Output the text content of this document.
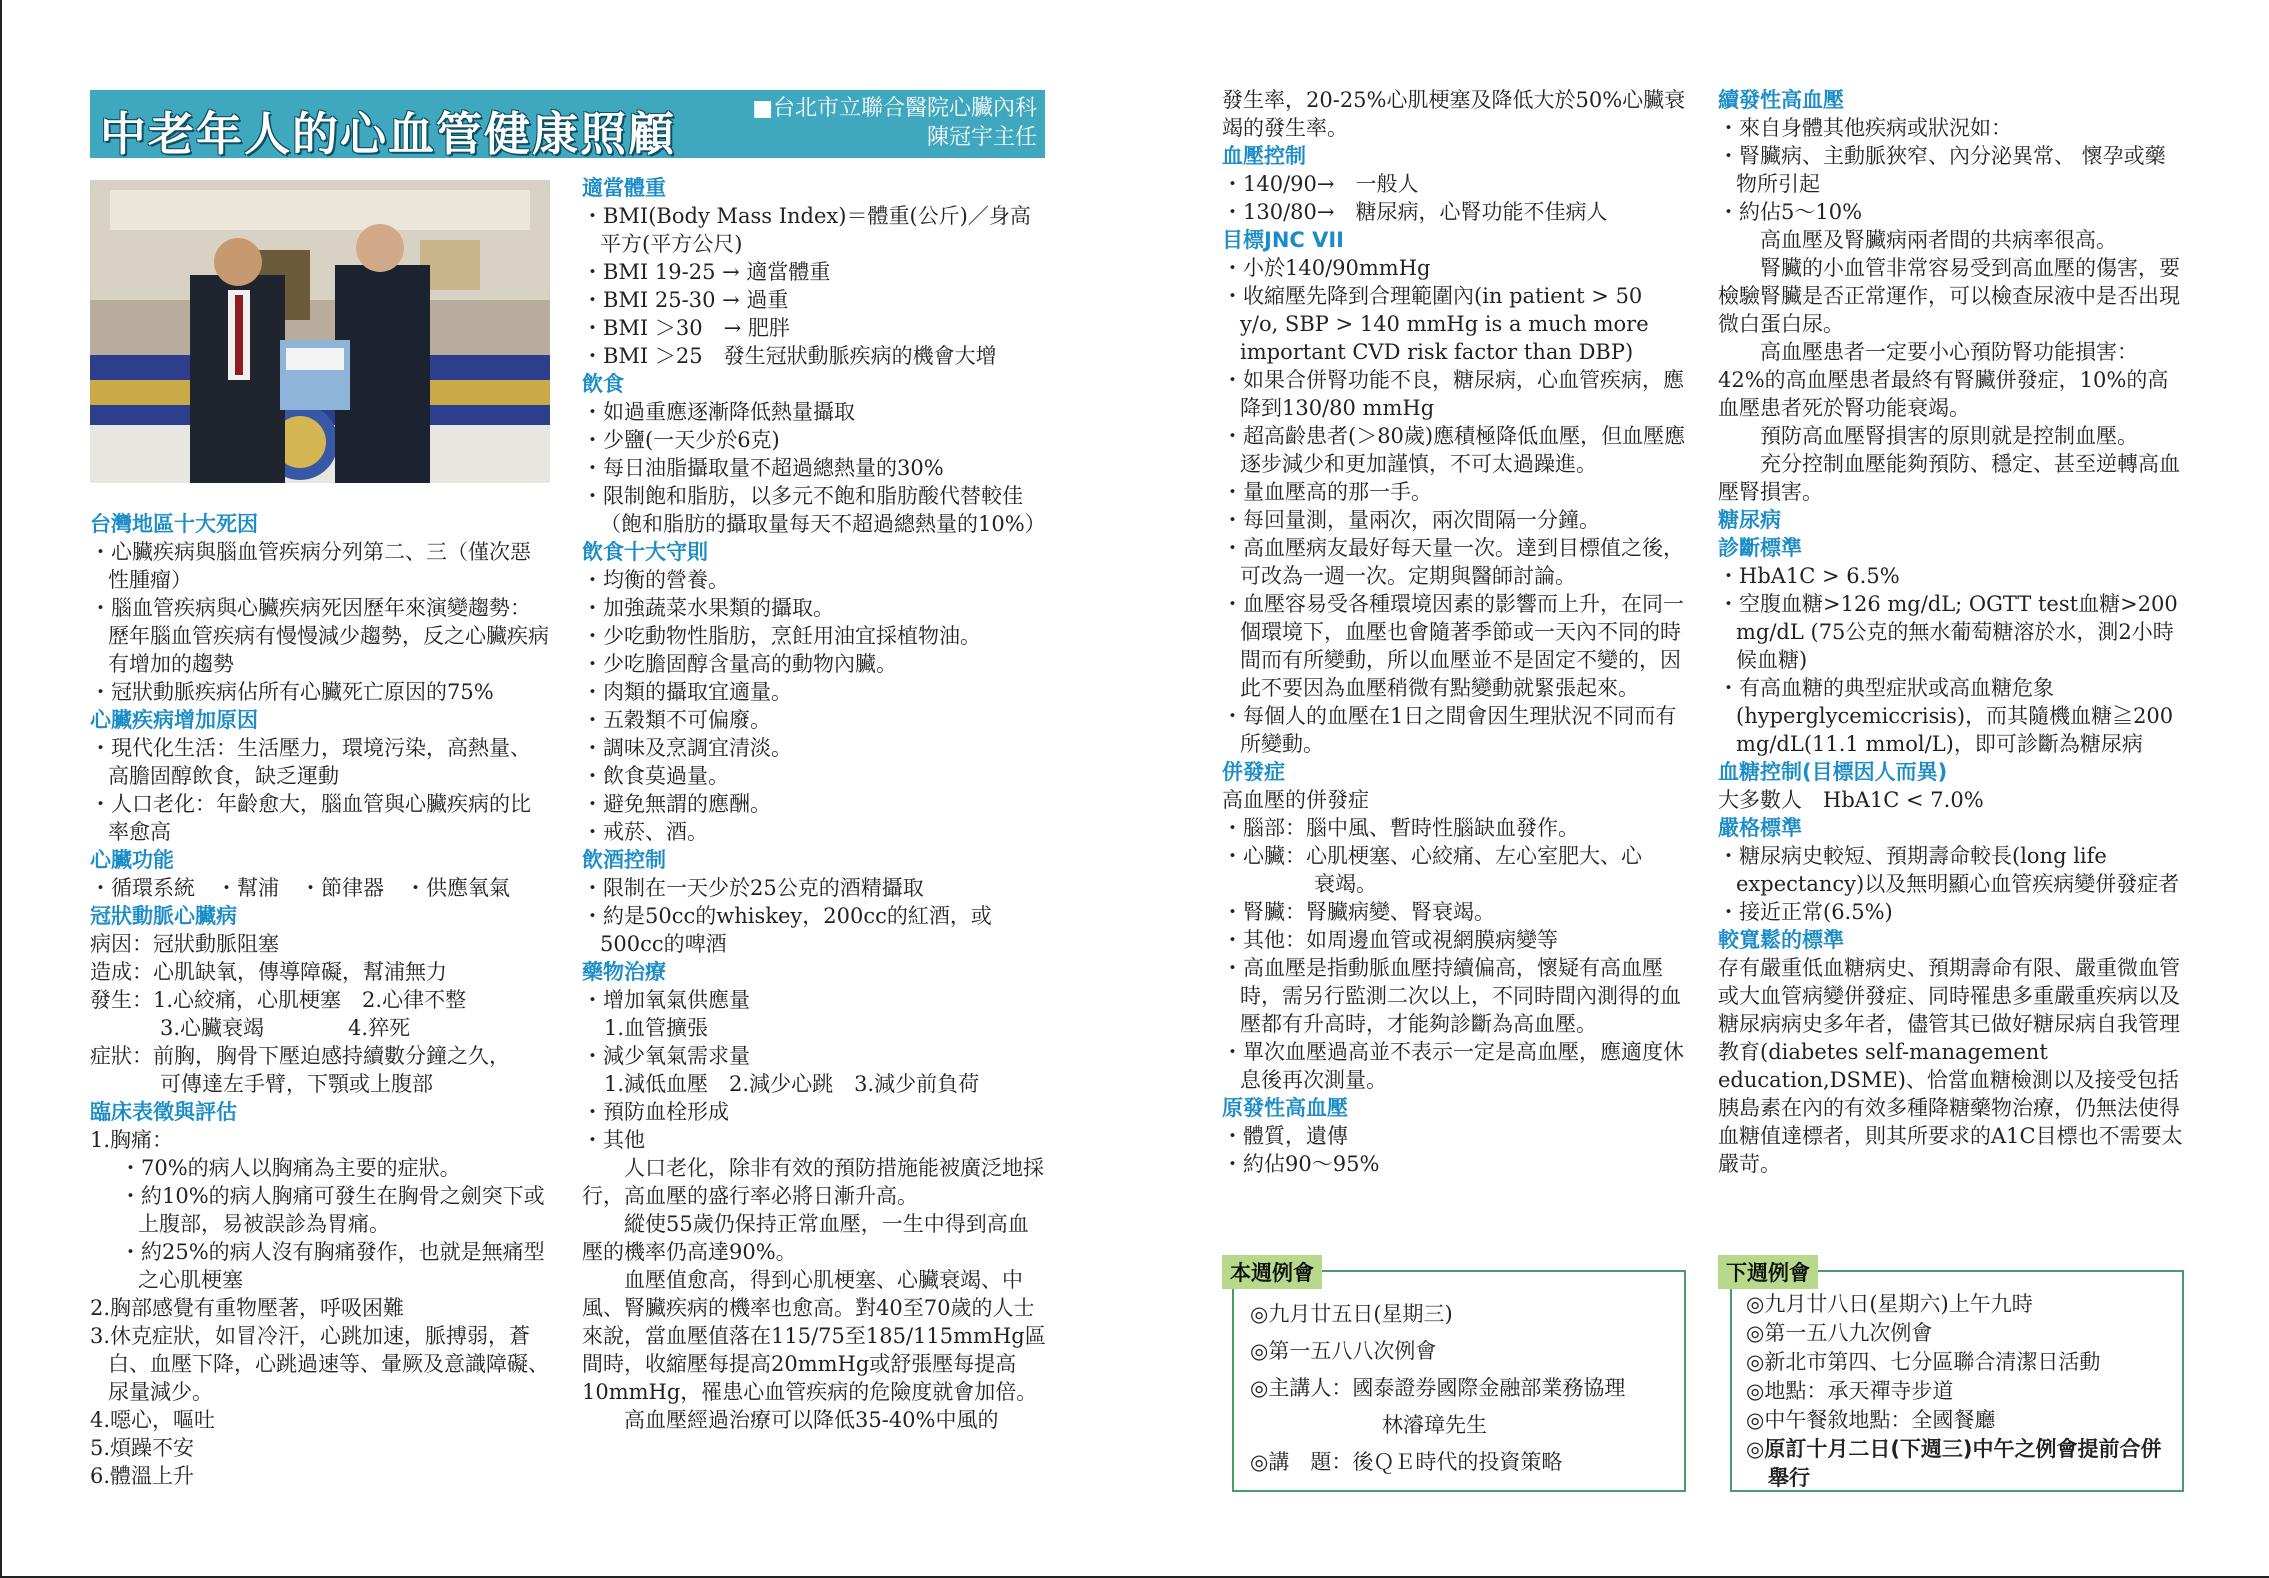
中老年人的心血管健康照顧	■台北市立聯合醫院心臟內科

陳冠宇主任

台灣地區十大死因

・心臟疾病與腦血管疾病分列第二、三（僅次惡性腫瘤）

・腦血管疾病與心臟疾病死因歷年來演變趨勢：歷年腦血管疾病有慢慢減少趨勢，反之心臟疾病有增加的趨勢

・冠狀動脈疾病佔所有心臟死亡原因的75%

心臟疾病增加原因

・現代化生活：生活壓力，環境污染，高熱量、高膽固醇飲食，缺乏運動

・人口老化：年齡愈大，腦血管與心臟疾病的比率愈高

心臟功能

・循環系統　・幫浦　・節律器　・供應氧氣

冠狀動脈心臟病

病因：冠狀動脈阻塞

造成：心肌缺氧，傳導障礙，幫浦無力

發生：1.心絞痛，心肌梗塞　2.心律不整

3.心臟衰竭　　　　4.猝死

症狀：前胸，胸骨下壓迫感持續數分鐘之久，

可傳達左手臂，下顎或上腹部

臨床表徵與評估

1.胸痛：

・70%的病人以胸痛為主要的症狀。

・約10%的病人胸痛可發生在胸骨之劍突下或上腹部，易被誤診為胃痛。

・約25%的病人沒有胸痛發作，也就是無痛型之心肌梗塞

2.胸部感覺有重物壓著，呼吸困難

3.休克症狀，如冒冷汗，心跳加速，脈搏弱，蒼白、血壓下降，心跳過速等、暈厥及意識障礙、尿量減少。

4.噁心，嘔吐

5.煩躁不安

6.體溫上升

適當體重

・BMI(Body Mass Index)＝體重(公斤)／身高平方(平方公尺)

・BMI 19-25 → 適當體重

・BMI 25-30 → 過重

・BMI ＞30　→ 肥胖

・BMI ＞25　發生冠狀動脈疾病的機會大增

飲食

・如過重應逐漸降低熱量攝取

・少鹽(一天少於6克)

・每日油脂攝取量不超過總熱量的30%

・限制飽和脂肪，以多元不飽和脂肪酸代替較佳（飽和脂肪的攝取量每天不超過總熱量的10%）

飲食十大守則

・均衡的營養。

・加強蔬菜水果類的攝取。

・少吃動物性脂肪，烹飪用油宜採植物油。

・少吃膽固醇含量高的動物內臟。

・肉類的攝取宜適量。

・五穀類不可偏廢。

・調味及烹調宜清淡。

・飲食莫過量。

・避免無謂的應酬。

・戒菸、酒。

飲酒控制

・限制在一天少於25公克的酒精攝取

・約是50cc的whiskey，200cc的紅酒，或500cc的啤酒

藥物治療

・增加氧氣供應量

1.血管擴張

・減少氧氣需求量

1.減低血壓　2.減少心跳　3.減少前負荷

・預防血栓形成

・其他

人口老化，除非有效的預防措施能被廣泛地採行，高血壓的盛行率必將日漸升高。

縱使55歲仍保持正常血壓，一生中得到高血壓的機率仍高達90%。

血壓值愈高，得到心肌梗塞、心臟衰竭、中風、腎臟疾病的機率也愈高。對40至70歲的人士來說，當血壓值落在115/75至185/115mmHg區間時，收縮壓每提高20mmHg或舒張壓每提高10mmHg，罹患心血管疾病的危險度就會加倍。

高血壓經過治療可以降低35-40%中風的

發生率，20-25%心肌梗塞及降低大於50%心臟衰竭的發生率。

血壓控制

・140/90→　一般人

・130/80→　糖尿病，心腎功能不佳病人

目標JNC VII

・小於140/90mmHg

・收縮壓先降到合理範圍內(in patient > 50 y/o, SBP > 140 mmHg is a much more important CVD risk factor than DBP)

・如果合併腎功能不良，糖尿病，心血管疾病，應降到130/80 mmHg

・超高齡患者(＞80歲)應積極降低血壓，但血壓應逐步減少和更加謹慎，不可太過躁進。

・量血壓高的那一手。

・每回量測，量兩次，兩次間隔一分鐘。

・高血壓病友最好每天量一次。達到目標值之後，可改為一週一次。定期與醫師討論。

・血壓容易受各種環境因素的影響而上升，在同一個環境下，血壓也會隨著季節或一天內不同的時間而有所變動，所以血壓並不是固定不變的，因此不要因為血壓稍微有點變動就緊張起來。

・每個人的血壓在1日之間會因生理狀況不同而有所變動。

併發症

高血壓的併發症

・腦部：腦中風、暫時性腦缺血發作。

・心臟：心肌梗塞、心絞痛、左心室肥大、心

衰竭。

・腎臟：腎臟病變、腎衰竭。

・其他：如周邊血管或視網膜病變等

・高血壓是指動脈血壓持續偏高，懷疑有高血壓時，需另行監測二次以上，不同時間內測得的血壓都有升高時，才能夠診斷為高血壓。

・單次血壓過高並不表示一定是高血壓，應適度休息後再次測量。

原發性高血壓

・體質，遺傳

・約佔90～95%

◎九月廿五日(星期三)

◎第一五八八次例會

◎主講人：國泰證券國際金融部業務協理

林濬璋先生

◎講　題：後ＱＥ時代的投資策略

本週例會

續發性高血壓

・來自身體其他疾病或狀況如：

・腎臟病、主動脈狹窄、內分泌異常、 懷孕或藥物所引起

・約佔5～10%

高血壓及腎臟病兩者間的共病率很高。

腎臟的小血管非常容易受到高血壓的傷害，要檢驗腎臟是否正常運作，可以檢查尿液中是否出現微白蛋白尿。

高血壓患者一定要小心預防腎功能損害：42%的高血壓患者最終有腎臟併發症，10%的高血壓患者死於腎功能衰竭。

預防高血壓腎損害的原則就是控制血壓。

充分控制血壓能夠預防、穩定、甚至逆轉高血壓腎損害。

糖尿病

診斷標準

・HbA1C > 6.5%

・空腹血糖>126 mg/dL; OGTT test血糖>200 mg/dL (75公克的無水葡萄糖溶於水，測2小時候血糖)

・有高血糖的典型症狀或高血糖危象(hyperglycemiccrisis)，而其隨機血糖≧200 mg/dL(11.1 mmol/L)，即可診斷為糖尿病

血糖控制(目標因人而異)

大多數人　HbA1C < 7.0%

嚴格標準

・糖尿病史較短、預期壽命較長(long life expectancy)以及無明顯心血管疾病變併發症者

・接近正常(6.5%)

較寬鬆的標準

存有嚴重低血糖病史、預期壽命有限、嚴重微血管或大血管病變併發症、同時罹患多重嚴重疾病以及糖尿病病史多年者，儘管其已做好糖尿病自我管理教育(diabetes self-management education,DSME)、恰當血糖檢測以及接受包括胰島素在內的有效多種降糖藥物治療，仍無法使得血糖值達標者，則其所要求的A1C目標也不需要太嚴苛。

◎九月廿八日(星期六)上午九時

◎第一五八九次例會

◎新北市第四、七分區聯合清潔日活動

◎地點：承天禪寺步道

◎中午餐敘地點：全國餐廳

◎原訂十月二日(下週三)中午之例會提前合併舉行

下週例會
